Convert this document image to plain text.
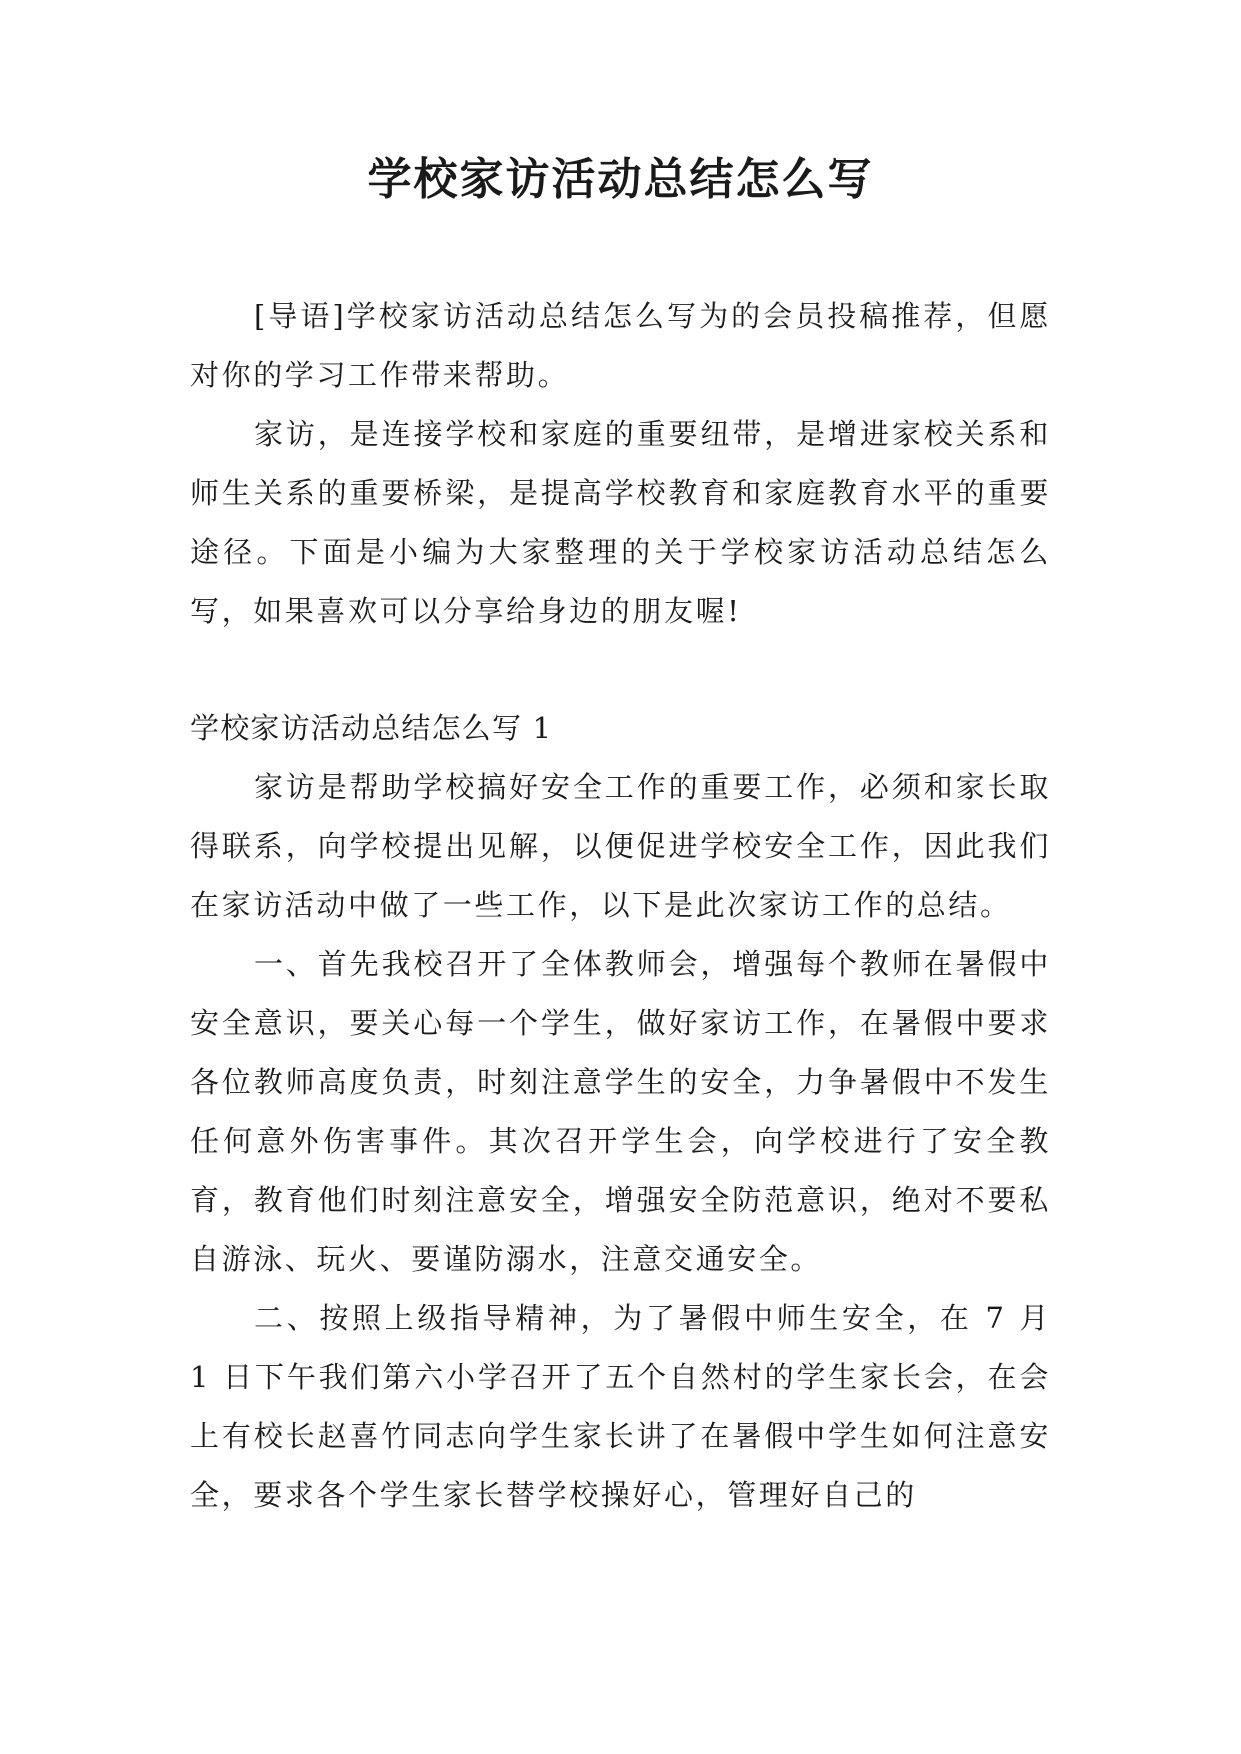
学校家访活动总结怎么写

[导语]学校家访活动总结怎么写为的会员投稿推荐，但愿对你的学习工作带来帮助。

家访，是连接学校和家庭的重要纽带，是增进家校关系和师生关系的重要桥梁，是提高学校教育和家庭教育水平的重要途径。下面是小编为大家整理的关于学校家访活动总结怎么写，如果喜欢可以分享给身边的朋友喔!

学校家访活动总结怎么写 1

家访是帮助学校搞好安全工作的重要工作，必须和家长取得联系，向学校提出见解，以便促进学校安全工作，因此我们在家访活动中做了一些工作，以下是此次家访工作的总结。

一、首先我校召开了全体教师会，增强每个教师在暑假中安全意识，要关心每一个学生，做好家访工作，在暑假中要求各位教师高度负责，时刻注意学生的安全，力争暑假中不发生任何意外伤害事件。其次召开学生会，向学校进行了安全教育，教育他们时刻注意安全，增强安全防范意识，绝对不要私自游泳、玩火、要谨防溺水，注意交通安全。

二、按照上级指导精神，为了暑假中师生安全，在 7 月 1 日下午我们第六小学召开了五个自然村的学生家长会，在会上有校长赵喜竹同志向学生家长讲了在暑假中学生如何注意安全，要求各个学生家长替学校操好心，管理好自己的
